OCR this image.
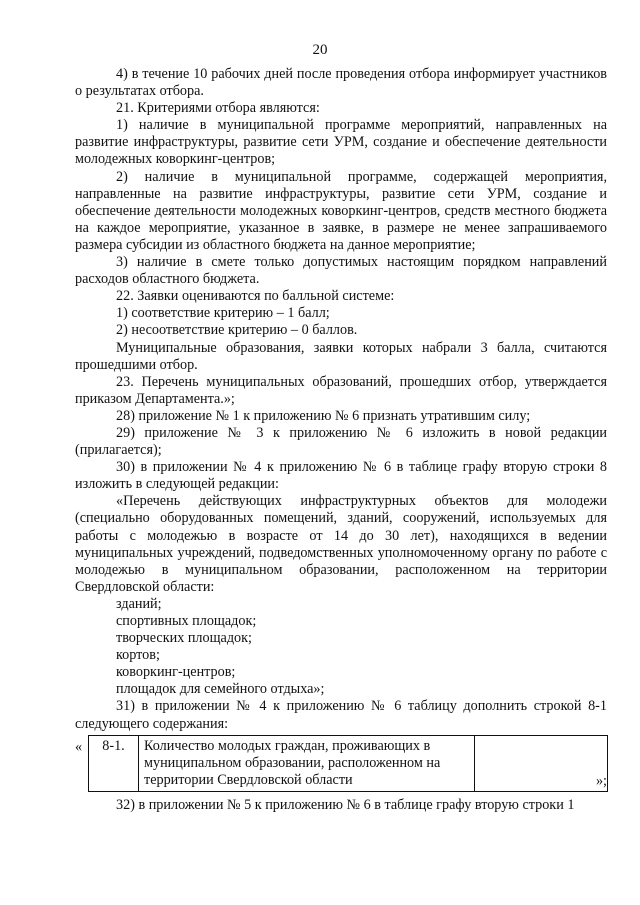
20

4) в течение 10 рабочих дней после проведения отбора информирует участников о результатах отбора.

21. Критериями отбора являются:

1) наличие в муниципальной программе мероприятий, направленных на развитие инфраструктуры, развитие сети УРМ, создание и обеспечение деятельности молодежных коворкинг-центров;

2) наличие в муниципальной программе, содержащей мероприятия, направленные на развитие инфраструктуры, развитие сети УРМ, создание и обеспечение деятельности молодежных коворкинг-центров, средств местного бюджета на каждое мероприятие, указанное в заявке, в размере не менее запрашиваемого размера субсидии из областного бюджета на данное мероприятие;

3) наличие в смете только допустимых настоящим порядком направлений расходов областного бюджета.

22. Заявки оцениваются по балльной системе:

1) соответствие критерию – 1 балл;

2) несоответствие критерию – 0 баллов.

Муниципальные образования, заявки которых набрали 3 балла, считаются прошедшими отбор.

23. Перечень муниципальных образований, прошедших отбор, утверждается приказом Департамента.»;

28) приложение № 1 к приложению № 6 признать утратившим силу;

29) приложение № 3 к приложению № 6 изложить в новой редакции (прилагается);

30) в приложении № 4 к приложению № 6 в таблице графу вторую строки 8 изложить в следующей редакции:

«Перечень действующих инфраструктурных объектов для молодежи (специально оборудованных помещений, зданий, сооружений, используемых для работы с молодежью в возрасте от 14 до 30 лет), находящихся в ведении муниципальных учреждений, подведомственных уполномоченному органу по работе с молодежью в муниципальном образовании, расположенном на территории Свердловской области:

зданий;

спортивных площадок;

творческих площадок;

кортов;

коворкинг-центров;

площадок для семейного отдыха»;

31) в приложении № 4 к приложению № 6 таблицу дополнить строкой 8-1 следующего содержания:

« 8-1.	Количество молодых граждан, проживающих в муниципальном образовании, расположенном на территории Свердловской области		»;

32) в приложении № 5 к приложению № 6 в таблице графу вторую строки 1
